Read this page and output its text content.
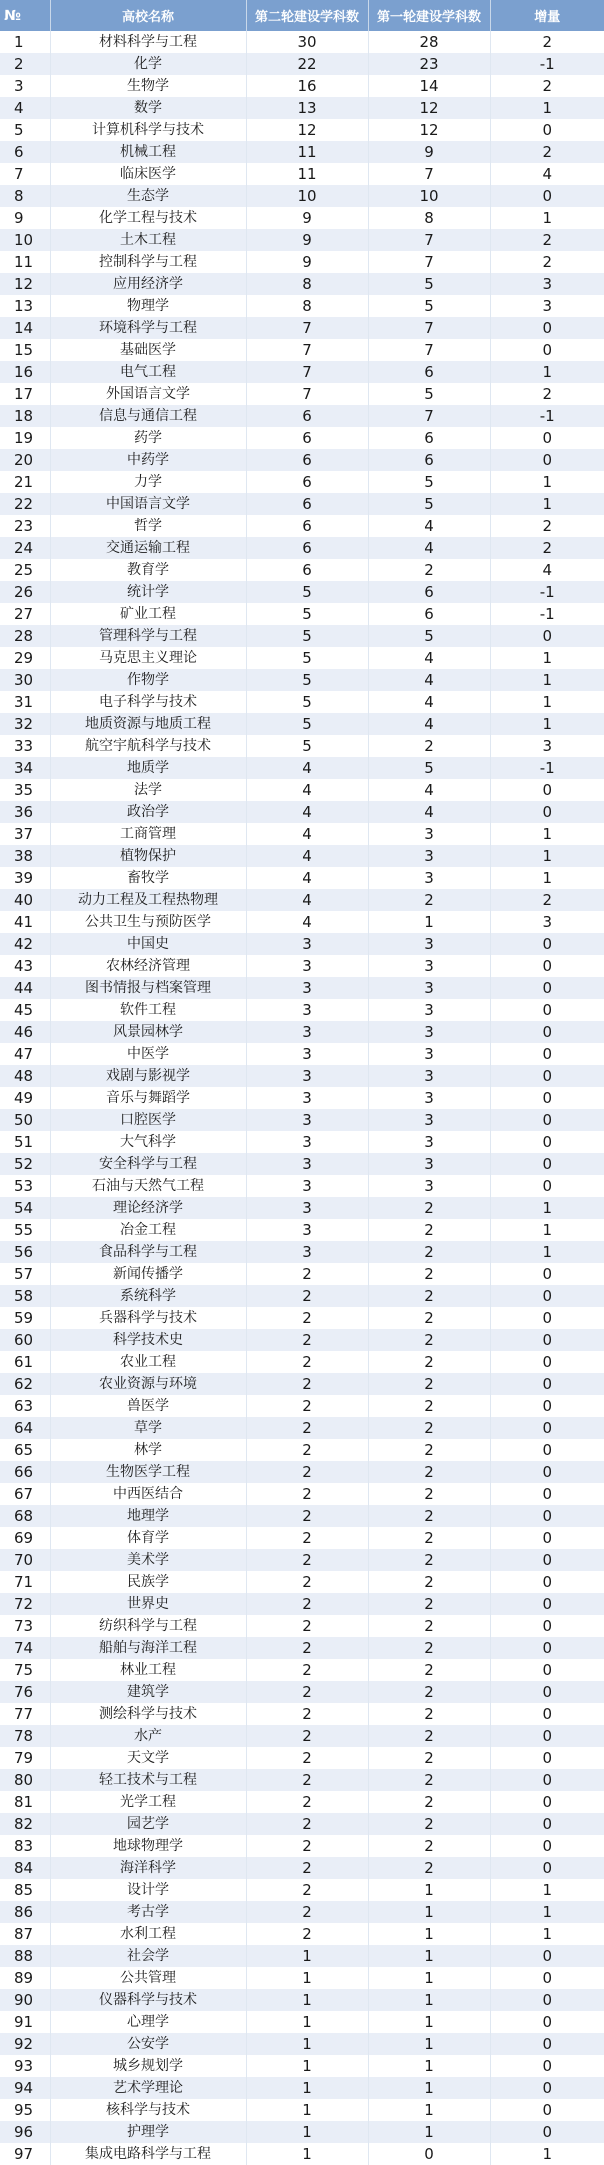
№	高校名称	第二轮建设学科数	第一轮建设学科数	增量
1	材料科学与工程	30	28	2
2	化学	22	23	-1
3	生物学	16	14	2
4	数学	13	12	1
5	计算机科学与技术	12	12	0
6	机械工程	11	9	2
7	临床医学	11	7	4
8	生态学	10	10	0
9	化学工程与技术	9	8	1
10	土木工程	9	7	2
11	控制科学与工程	9	7	2
12	应用经济学	8	5	3
13	物理学	8	5	3
14	环境科学与工程	7	7	0
15	基础医学	7	7	0
16	电气工程	7	6	1
17	外国语言文学	7	5	2
18	信息与通信工程	6	7	-1
19	药学	6	6	0
20	中药学	6	6	0
21	力学	6	5	1
22	中国语言文学	6	5	1
23	哲学	6	4	2
24	交通运输工程	6	4	2
25	教育学	6	2	4
26	统计学	5	6	-1
27	矿业工程	5	6	-1
28	管理科学与工程	5	5	0
29	马克思主义理论	5	4	1
30	作物学	5	4	1
31	电子科学与技术	5	4	1
32	地质资源与地质工程	5	4	1
33	航空宇航科学与技术	5	2	3
34	地质学	4	5	-1
35	法学	4	4	0
36	政治学	4	4	0
37	工商管理	4	3	1
38	植物保护	4	3	1
39	畜牧学	4	3	1
40	动力工程及工程热物理	4	2	2
41	公共卫生与预防医学	4	1	3
42	中国史	3	3	0
43	农林经济管理	3	3	0
44	图书情报与档案管理	3	3	0
45	软件工程	3	3	0
46	风景园林学	3	3	0
47	中医学	3	3	0
48	戏剧与影视学	3	3	0
49	音乐与舞蹈学	3	3	0
50	口腔医学	3	3	0
51	大气科学	3	3	0
52	安全科学与工程	3	3	0
53	石油与天然气工程	3	3	0
54	理论经济学	3	2	1
55	冶金工程	3	2	1
56	食品科学与工程	3	2	1
57	新闻传播学	2	2	0
58	系统科学	2	2	0
59	兵器科学与技术	2	2	0
60	科学技术史	2	2	0
61	农业工程	2	2	0
62	农业资源与环境	2	2	0
63	兽医学	2	2	0
64	草学	2	2	0
65	林学	2	2	0
66	生物医学工程	2	2	0
67	中西医结合	2	2	0
68	地理学	2	2	0
69	体育学	2	2	0
70	美术学	2	2	0
71	民族学	2	2	0
72	世界史	2	2	0
73	纺织科学与工程	2	2	0
74	船舶与海洋工程	2	2	0
75	林业工程	2	2	0
76	建筑学	2	2	0
77	测绘科学与技术	2	2	0
78	水产	2	2	0
79	天文学	2	2	0
80	轻工技术与工程	2	2	0
81	光学工程	2	2	0
82	园艺学	2	2	0
83	地球物理学	2	2	0
84	海洋科学	2	2	0
85	设计学	2	1	1
86	考古学	2	1	1
87	水利工程	2	1	1
88	社会学	1	1	0
89	公共管理	1	1	0
90	仪器科学与技术	1	1	0
91	心理学	1	1	0
92	公安学	1	1	0
93	城乡规划学	1	1	0
94	艺术学理论	1	1	0
95	核科学与技术	1	1	0
96	护理学	1	1	0
97	集成电路科学与工程	1	0	1
